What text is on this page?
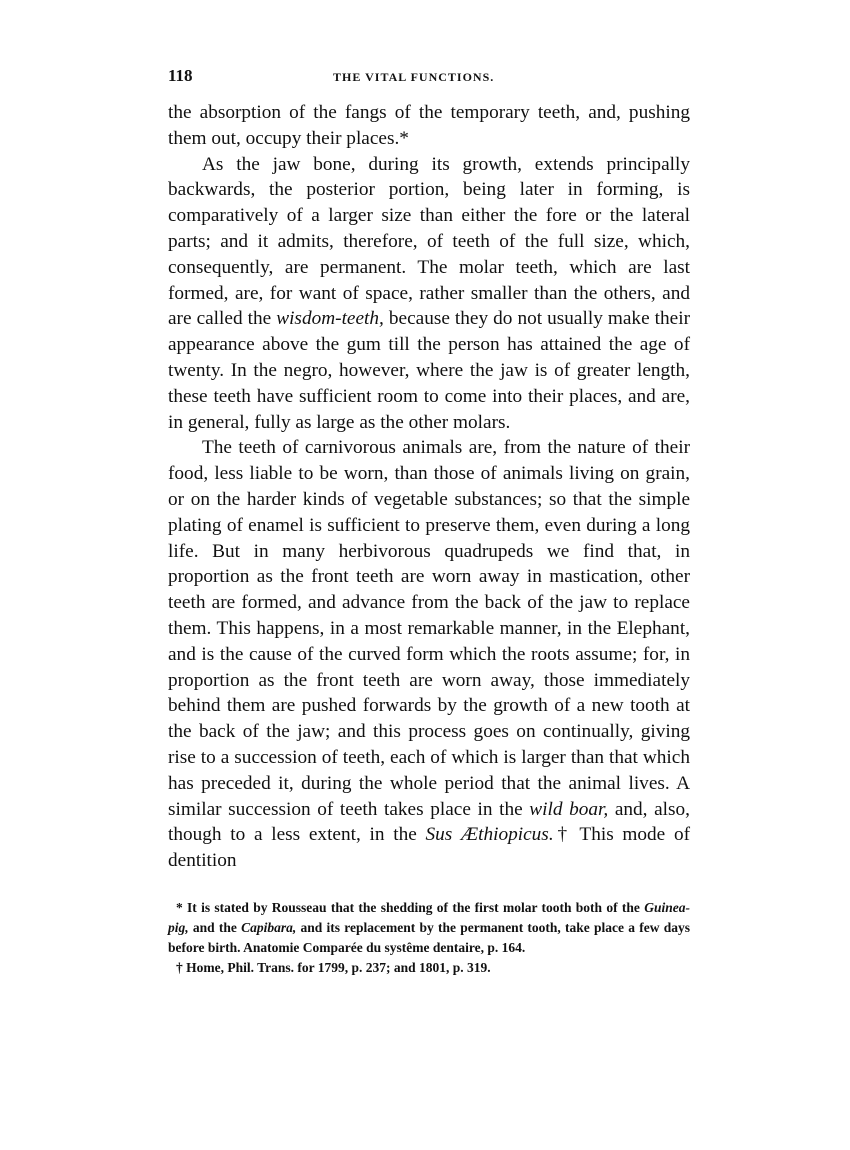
118	THE VITAL FUNCTIONS.

the absorption of the fangs of the temporary teeth, and, pushing them out, occupy their places.*

As the jaw bone, during its growth, extends principally backwards, the posterior portion, being later in forming, is comparatively of a larger size than either the fore or the lateral parts; and it admits, therefore, of teeth of the full size, which, consequently, are permanent. The molar teeth, which are last formed, are, for want of space, rather smaller than the others, and are called the wisdom-teeth, because they do not usually make their appearance above the gum till the person has attained the age of twenty. In the negro, however, where the jaw is of greater length, these teeth have sufficient room to come into their places, and are, in general, fully as large as the other molars.

The teeth of carnivorous animals are, from the nature of their food, less liable to be worn, than those of animals living on grain, or on the harder kinds of vegetable substances; so that the simple plating of enamel is sufficient to preserve them, even during a long life. But in many herbivorous quadrupeds we find that, in proportion as the front teeth are worn away in mastication, other teeth are formed, and advance from the back of the jaw to replace them. This happens, in a most remarkable manner, in the Elephant, and is the cause of the curved form which the roots assume; for, in proportion as the front teeth are worn away, those immediately behind them are pushed forwards by the growth of a new tooth at the back of the jaw; and this process goes on continually, giving rise to a succession of teeth, each of which is larger than that which has preceded it, during the whole period that the animal lives. A similar succession of teeth takes place in the wild boar, and, also, though to a less extent, in the Sus Æthiopicus.† This mode of dentition

* It is stated by Rousseau that the shedding of the first molar tooth both of the Guinea-pig, and the Capibara, and its replacement by the permanent tooth, take place a few days before birth. Anatomie Comparée du systême dentaire, p. 164.

† Home, Phil. Trans. for 1799, p. 237; and 1801, p. 319.
